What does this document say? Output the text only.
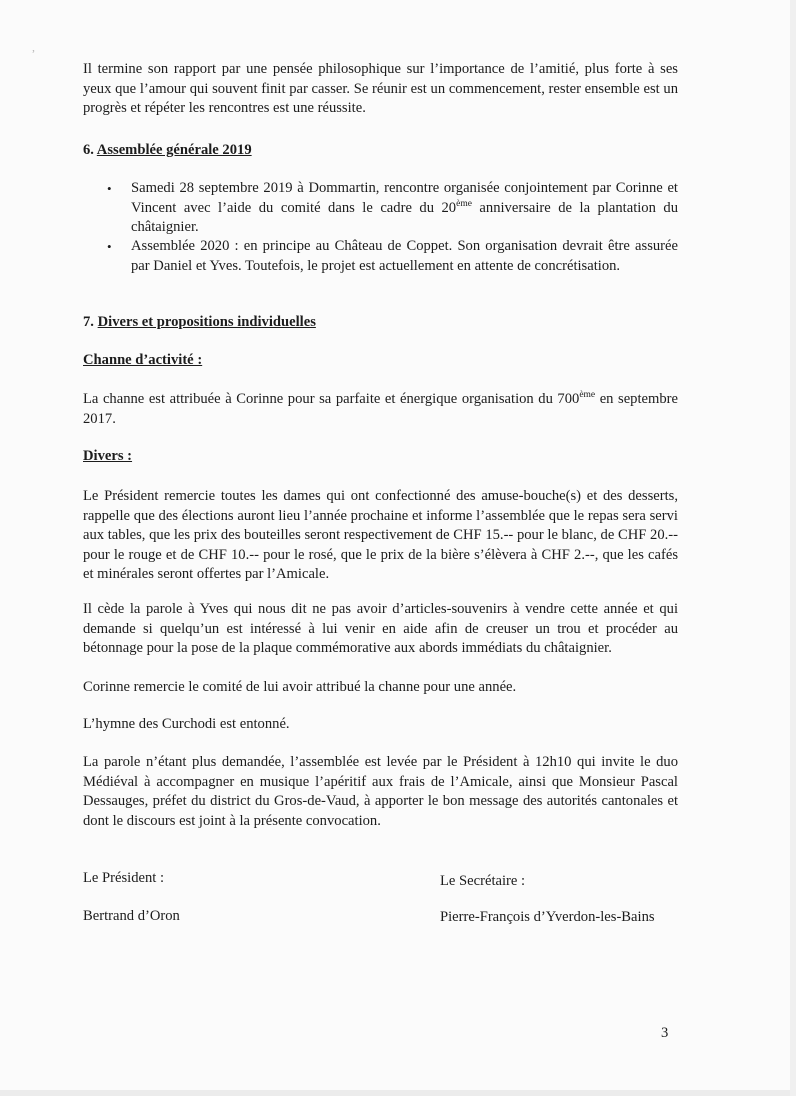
,

Il termine son rapport par une pensée philosophique sur l’importance de l’amitié, plus forte à ses yeux que l’amour qui souvent finit par casser. Se réunir est un commencement, rester ensemble est un progrès et répéter les rencontres est une réussite.

6. Assemblée générale 2019
•	Samedi 28 septembre 2019 à Dommartin, rencontre organisée conjointement par Corinne et Vincent avec l’aide du comité dans le cadre du 20ème anniversaire de la plantation du châtaignier.
•	Assemblée 2020 : en principe au Château de Coppet. Son organisation devrait être assurée par Daniel et Yves. Toutefois, le projet est actuellement en attente de concrétisation.
7. Divers et propositions individuelles
Channe d’activité :

La channe est attribuée à Corinne pour sa parfaite et énergique organisation du 700ème en septembre 2017.

Divers :

Le Président remercie toutes les dames qui ont confectionné des amuse-bouche(s) et des desserts, rappelle que des élections auront lieu l’année prochaine et informe l’assemblée que le repas sera servi aux tables, que les prix des bouteilles seront respectivement de CHF 15.-- pour le blanc, de CHF 20.-- pour le rouge et de CHF 10.-- pour le rosé, que le prix de la bière s’élèvera à CHF 2.--, que les cafés et minérales seront offertes par l’Amicale.

Il cède la parole à Yves qui nous dit ne pas avoir d’articles-souvenirs à vendre cette année et qui demande si quelqu’un est intéressé à lui venir en aide afin de creuser un trou et procéder au bétonnage pour la pose de la plaque commémorative aux abords immédiats du châtaignier.

Corinne remercie le comité de lui avoir attribué la channe pour une année.

L’hymne des Curchodi est entonné.

La parole n’étant plus demandée, l’assemblée est levée par le Président à 12h10 qui invite le duo Médiéval à accompagner en musique l’apéritif aux frais de l’Amicale, ainsi que Monsieur Pascal Dessauges, préfet du district du Gros-de-Vaud, à apporter le bon message des autorités cantonales et dont le discours est joint à la présente convocation.

Le Président :	Le Secrétaire :
Bertrand d’Oron	Pierre-François d’Yverdon-les-Bains
3
